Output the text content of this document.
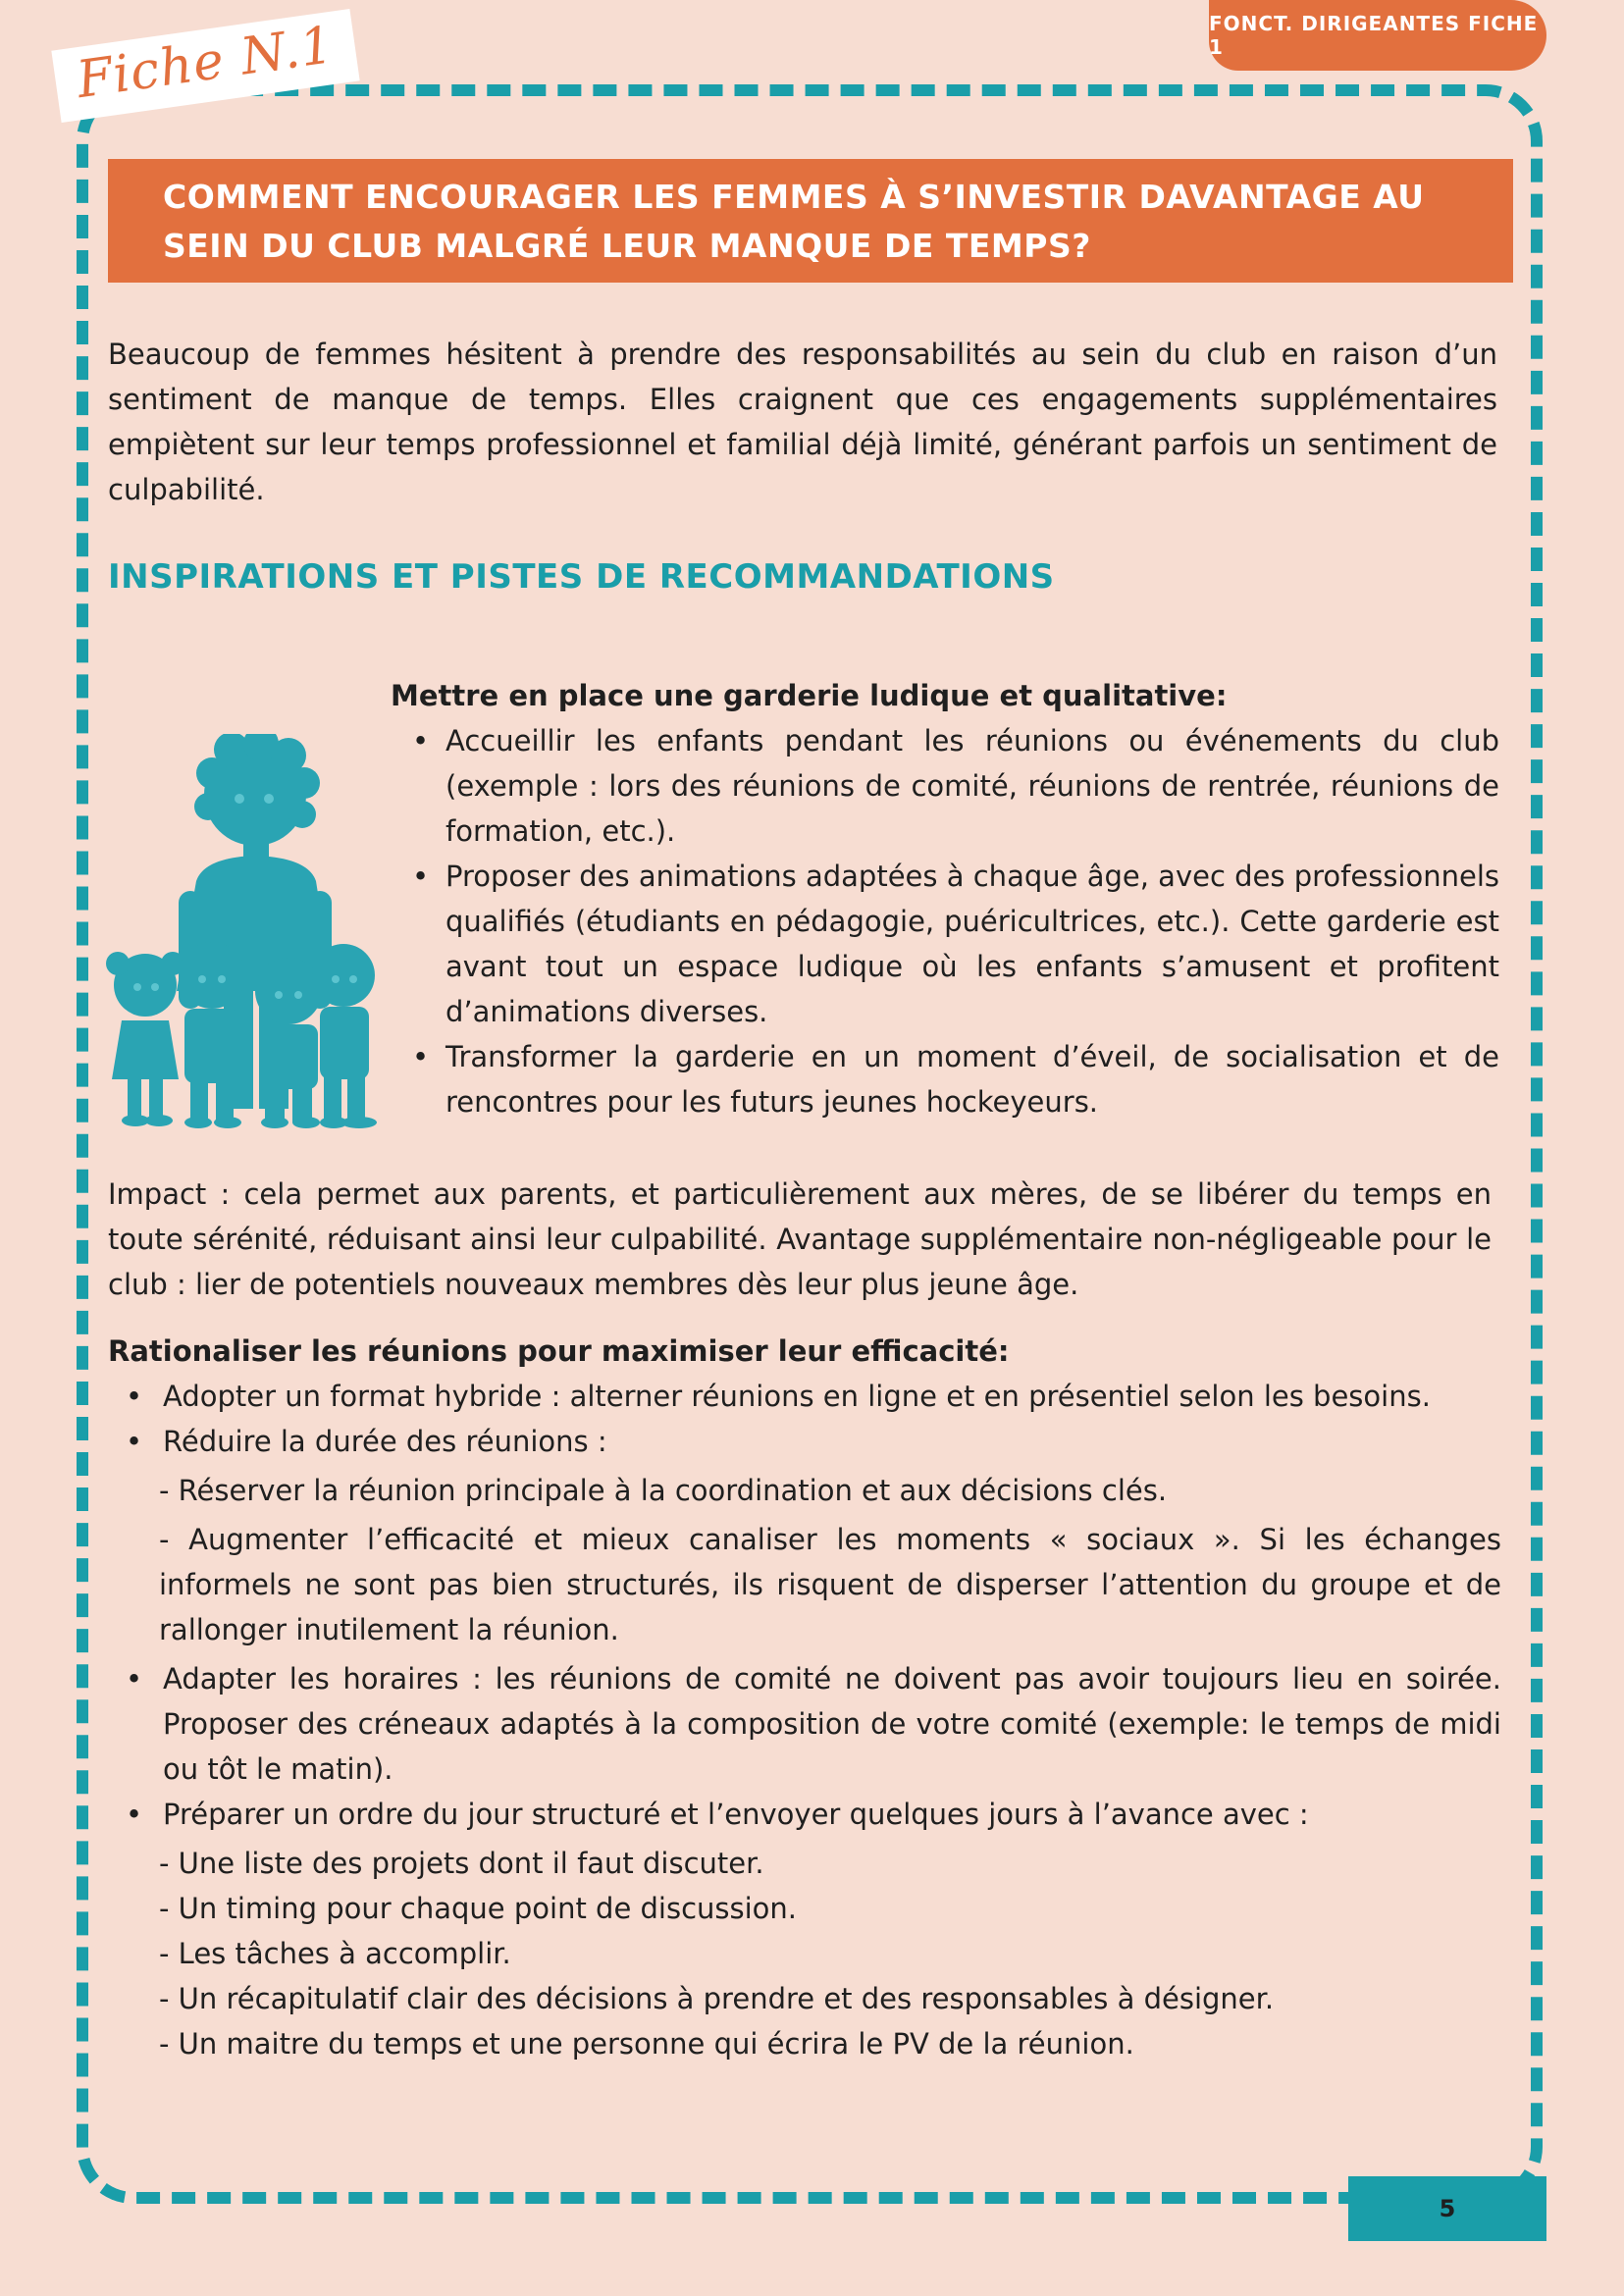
FONCT. DIRIGEANTES FICHE 1
Fiche N.1
COMMENT ENCOURAGER LES FEMMES À S’INVESTIR DAVANTAGE AU
SEIN DU CLUB MALGRÉ LEUR MANQUE DE TEMPS?

Beaucoup de femmes hésitent à prendre des responsabilités au sein du club en raison d’un sentiment de manque de temps. Elles craignent que ces engagements supplémentaires empiètent sur leur temps professionnel et familial déjà limité, générant parfois un sentiment de culpabilité.

INSPIRATIONS ET PISTES DE RECOMMANDATIONS
Mettre en place une garderie ludique et qualitative:
• Accueillir les enfants pendant les réunions ou événements du club (exemple : lors des réunions de comité, réunions de rentrée, réunions de formation, etc.).
• Proposer des animations adaptées à chaque âge, avec des professionnels qualifiés (étudiants en pédagogie, puéricultrices, etc.). Cette garderie est avant tout un espace ludique où les enfants s’amusent et profitent d’animations diverses.
• Transformer la garderie en un moment d’éveil, de socialisation et de rencontres pour les futurs jeunes hockeyeurs.

Impact : cela permet aux parents, et particulièrement aux mères, de se libérer du temps en toute sérénité, réduisant ainsi leur culpabilité. Avantage supplémentaire non-négligeable pour le club : lier de potentiels nouveaux membres dès leur plus jeune âge.

Rationaliser les réunions pour maximiser leur efficacité:
• Adopter un format hybride : alterner réunions en ligne et en présentiel selon les besoins.
• Réduire la durée des réunions :
- Réserver la réunion principale à la coordination et aux décisions clés.
- Augmenter l’efficacité et mieux canaliser les moments « sociaux ». Si les échanges informels ne sont pas bien structurés, ils risquent de disperser l’attention du groupe et de rallonger inutilement la réunion.
• Adapter les horaires : les réunions de comité ne doivent pas avoir toujours lieu en soirée. Proposer des créneaux adaptés à la composition de votre comité (exemple: le temps de midi ou tôt le matin).
• Préparer un ordre du jour structuré et l’envoyer quelques jours à l’avance avec :
- Une liste des projets dont il faut discuter.
- Un timing pour chaque point de discussion.
- Les tâches à accomplir.
- Un récapitulatif clair des décisions à prendre et des responsables à désigner.
- Un maitre du temps et une personne qui écrira le PV de la réunion.
5
